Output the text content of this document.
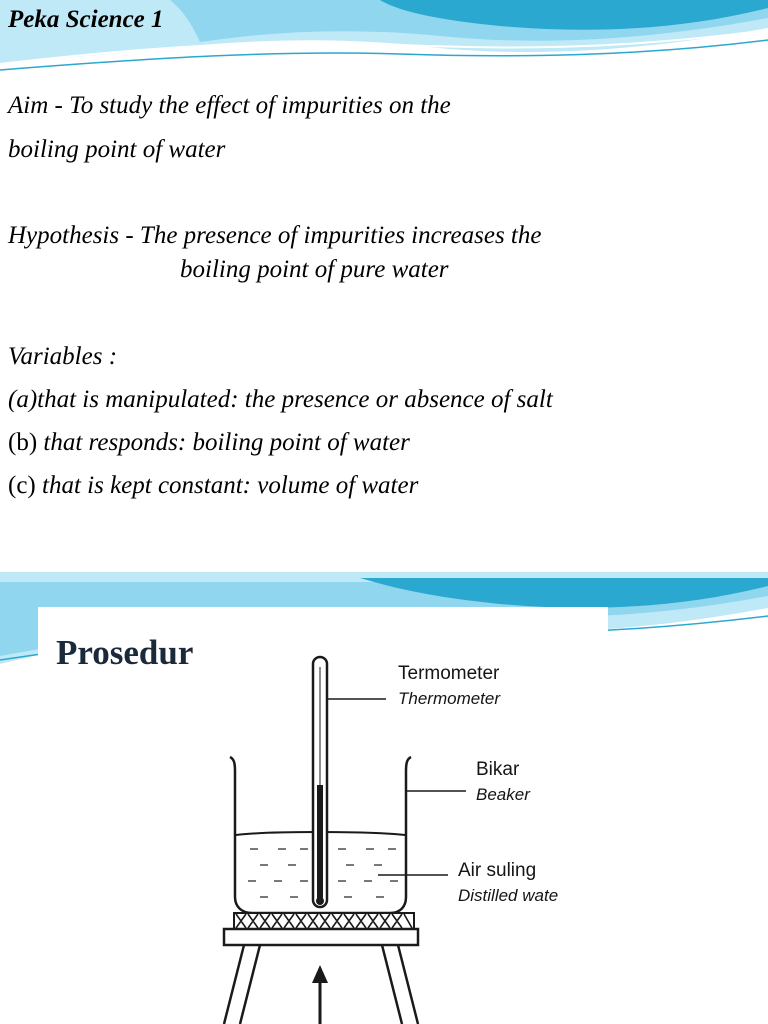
Peka Science 1
Aim - To study the effect of impurities on the
boiling point of water
Hypothesis - The presence of impurities increases the
boiling point of pure water
Variables :
(a)that is manipulated: the presence or absence of salt
(b) that responds: boiling point of water
(c) that is kept constant: volume of water
Prosedur
Termometer
Thermometer
Bikar
Beaker
Air suling
Distilled wate
